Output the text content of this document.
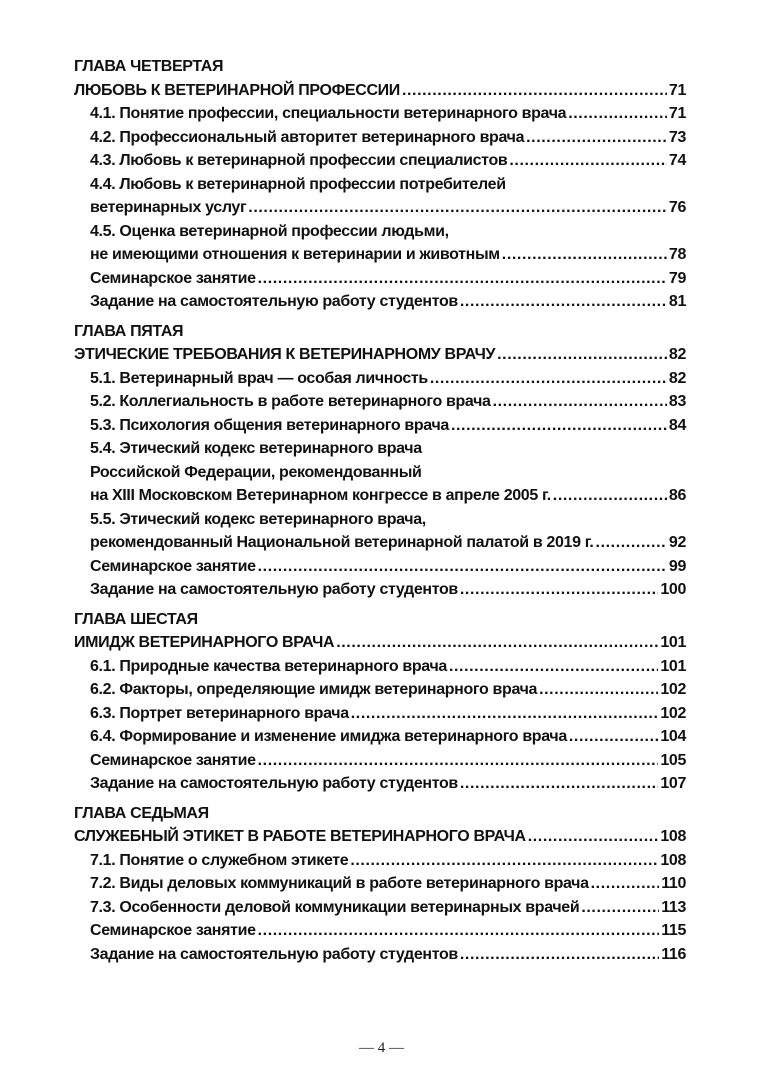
ГЛАВА ЧЕТВЕРТАЯ
ЛЮБОВЬ К ВЕТЕРИНАРНОЙ ПРОФЕССИИ .....	71
4.1. Понятие профессии, специальности ветеринарного врача .....	71
4.2. Профессиональный авторитет ветеринарного врача .....	73
4.3. Любовь к ветеринарной профессии специалистов .....	74
4.4. Любовь к ветеринарной профессии потребителей
ветеринарных услуг .....	76
4.5. Оценка ветеринарной профессии людьми,
не имеющими отношения к ветеринарии и животным .....	78
Семинарское занятие .....	79
Задание на самостоятельную работу студентов .....	81
ГЛАВА ПЯТАЯ
ЭТИЧЕСКИЕ ТРЕБОВАНИЯ К ВЕТЕРИНАРНОМУ ВРАЧУ .....	82
5.1. Ветеринарный врач — особая личность .....	82
5.2. Коллегиальность в работе ветеринарного врача .....	83
5.3. Психология общения ветеринарного врача .....	84
5.4. Этический кодекс ветеринарного врача
Российской Федерации, рекомендованный
на XIII Московском Ветеринарном конгрессе в апреле 2005 г. .....	86
5.5. Этический кодекс ветеринарного врача,
рекомендованный Национальной ветеринарной палатой в 2019 г. .....	92
Семинарское занятие .....	99
Задание на самостоятельную работу студентов .....	100
ГЛАВА ШЕСТАЯ
ИМИДЖ ВЕТЕРИНАРНОГО ВРАЧА .....	101
6.1. Природные качества ветеринарного врача .....	101
6.2. Факторы, определяющие имидж ветеринарного врача .....	102
6.3. Портрет ветеринарного врача .....	102
6.4. Формирование и изменение имиджа ветеринарного врача .....	104
Семинарское занятие .....	105
Задание на самостоятельную работу студентов .....	107
ГЛАВА СЕДЬМАЯ
СЛУЖЕБНЫЙ ЭТИКЕТ В РАБОТЕ ВЕТЕРИНАРНОГО ВРАЧА .....	108
7.1. Понятие о служебном этикете .....	108
7.2. Виды деловых коммуникаций в работе ветеринарного врача .....	110
7.3. Особенности деловой коммуникации ветеринарных врачей .....	113
Семинарское занятие .....	115
Задание на самостоятельную работу студентов .....	116
— 4 —
